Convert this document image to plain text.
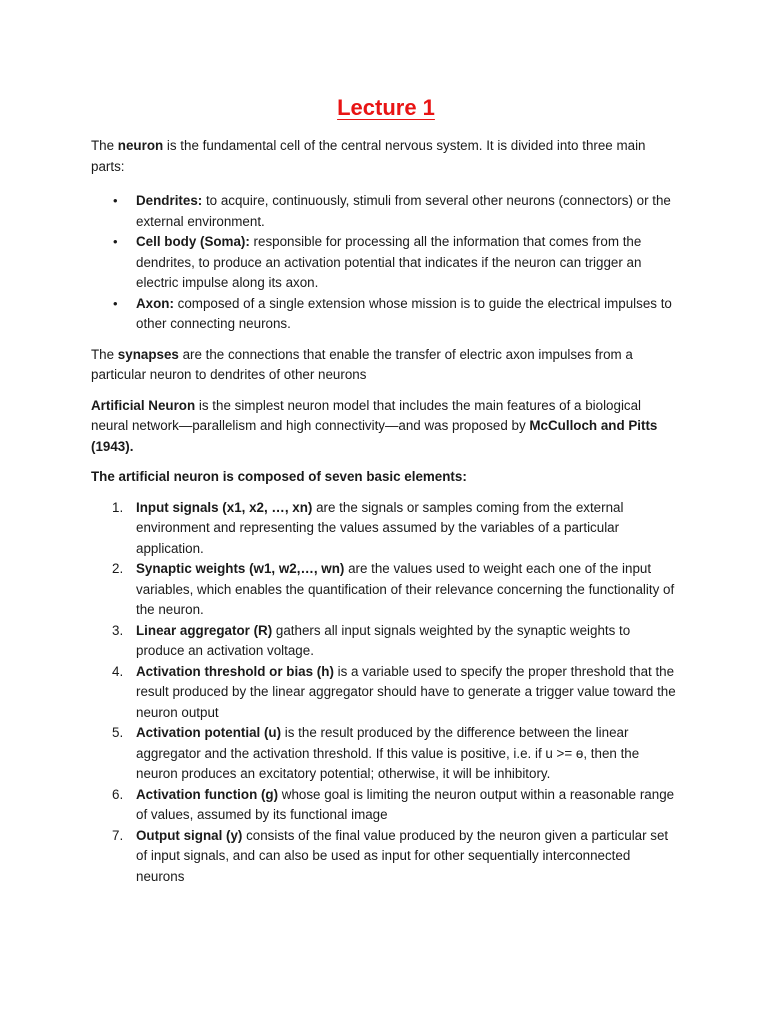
Lecture 1

The neuron is the fundamental cell of the central nervous system. It is divided into three main parts:

• Dendrites: to acquire, continuously, stimuli from several other neurons (connectors) or the external environment.
• Cell body (Soma): responsible for processing all the information that comes from the dendrites, to produce an activation potential that indicates if the neuron can trigger an electric impulse along its axon.
• Axon: composed of a single extension whose mission is to guide the electrical impulses to other connecting neurons.

The synapses are the connections that enable the transfer of electric axon impulses from a particular neuron to dendrites of other neurons

Artificial Neuron is the simplest neuron model that includes the main features of a biological neural network—parallelism and high connectivity—and was proposed by McCulloch and Pitts (1943).

The artificial neuron is composed of seven basic elements:

1. Input signals (x1, x2, …, xn) are the signals or samples coming from the external environment and representing the values assumed by the variables of a particular application.
2. Synaptic weights (w1, w2,…, wn) are the values used to weight each one of the input variables, which enables the quantification of their relevance concerning the functionality of the neuron.
3. Linear aggregator (R) gathers all input signals weighted by the synaptic weights to produce an activation voltage.
4. Activation threshold or bias (h) is a variable used to specify the proper threshold that the result produced by the linear aggregator should have to generate a trigger value toward the neuron output
5. Activation potential (u) is the result produced by the difference between the linear aggregator and the activation threshold. If this value is positive, i.e. if u >= ɵ, then the neuron produces an excitatory potential; otherwise, it will be inhibitory.
6. Activation function (g) whose goal is limiting the neuron output within a reasonable range of values, assumed by its functional image
7. Output signal (y) consists of the final value produced by the neuron given a particular set of input signals, and can also be used as input for other sequentially interconnected neurons
